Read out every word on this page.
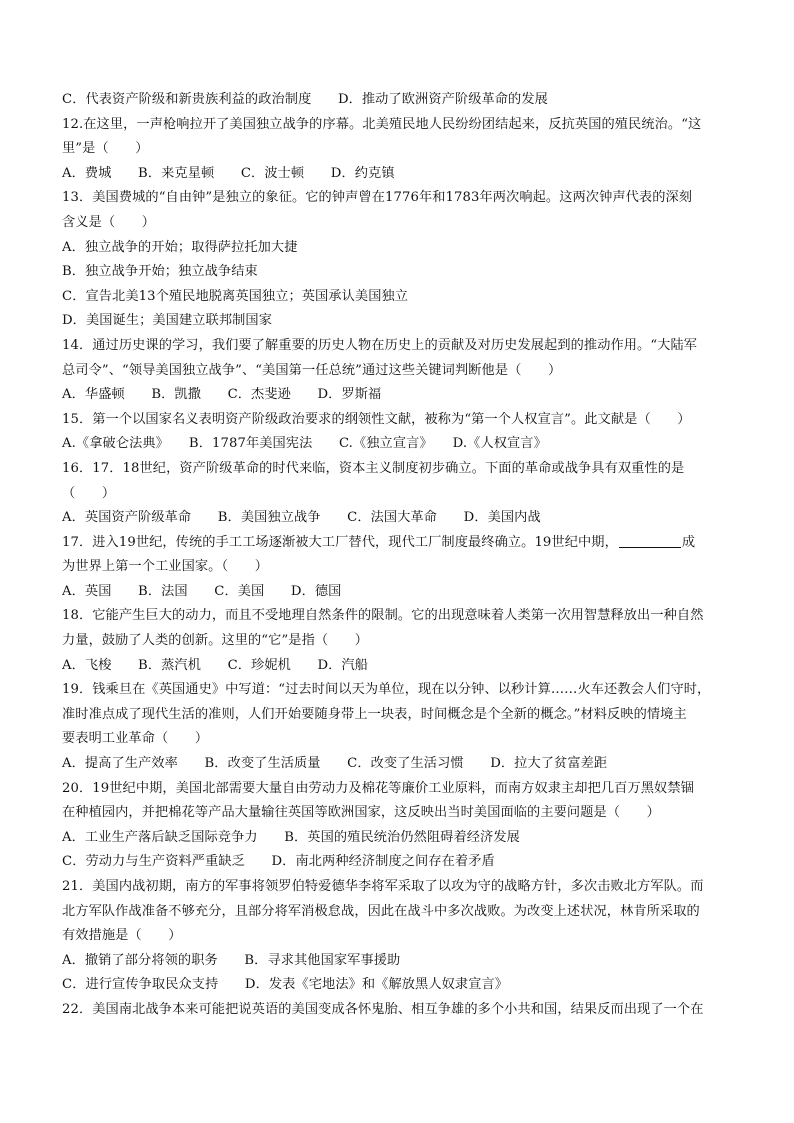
C．代表资产阶级和新贵族利益的政治制度　　D．推动了欧洲资产阶级革命的发展
12.在这里，一声枪响拉开了美国独立战争的序幕。北美殖民地人民纷纷团结起来，反抗英国的殖民统治。“这
里”是（　　）
A．费城　　B．来克星顿　　C．波士顿　　D．约克镇
13．美国费城的“自由钟”是独立的象征。它的钟声曾在1776年和1783年两次响起。这两次钟声代表的深刻
含义是（　　）
A．独立战争的开始；取得萨拉托加大捷
B．独立战争开始；独立战争结束
C．宣告北美13个殖民地脱离英国独立；英国承认美国独立
D．美国诞生；美国建立联邦制国家
14．通过历史课的学习，我们要了解重要的历史人物在历史上的贡献及对历史发展起到的推动作用。“大陆军
总司令”、“领导美国独立战争”、“美国第一任总统”通过这些关键词判断他是（　　）
A．华盛顿　　B．凯撒　　C．杰斐逊　　D．罗斯福
15．第一个以国家名义表明资产阶级政治要求的纲领性文献，被称为“第一个人权宣言”。此文献是（　　）
A.《拿破仑法典》　　B．1787年美国宪法　　C.《独立宣言》　　D.《人权宣言》
16．17．18世纪，资产阶级革命的时代来临，资本主义制度初步确立。下面的革命或战争具有双重性的是
（　　）
A．英国资产阶级革命　　B．美国独立战争　　C．法国大革命　　D．美国内战
17．进入19世纪，传统的手工工场逐渐被大工厂替代，现代工厂制度最终确立。19世纪中期，	成
为世界上第一个工业国家。（　　）
A．英国　　B．法国　　C．美国　　D．德国
18．它能产生巨大的动力，而且不受地理自然条件的限制。它的出现意味着人类第一次用智慧释放出一种自然
力量，鼓励了人类的创新。这里的“它”是指（　　）
A．飞梭　　B．蒸汽机　　C．珍妮机　　D．汽船
19．钱乘旦在《英国通史》中写道：“过去时间以天为单位，现在以分钟、以秒计算……火车还教会人们守时，
准时准点成了现代生活的准则，人们开始要随身带上一块表，时间概念是个全新的概念。”材料反映的情境主
要表明工业革命（　　）
A．提高了生产效率　　B．改变了生活质量　　C．改变了生活习惯　　D．拉大了贫富差距
20．19世纪中期，美国北部需要大量自由劳动力及棉花等廉价工业原料，而南方奴隶主却把几百万黑奴禁锢
在种植园内，并把棉花等产品大量输往英国等欧洲国家，这反映出当时美国面临的主要问题是（　　）
A．工业生产落后缺乏国际竞争力　　B．英国的殖民统治仍然阻碍着经济发展
C．劳动力与生产资料严重缺乏　　D．南北两种经济制度之间存在着矛盾
21．美国内战初期，南方的军事将领罗伯特爱德华李将军采取了以攻为守的战略方针，多次击败北方军队。而
北方军队作战准备不够充分，且部分将军消极怠战，因此在战斗中多次战败。为改变上述状况，林肯所采取的
有效措施是（　　）
A．撤销了部分将领的职务　　B．寻求其他国家军事援助
C．进行宣传争取民众支持　　D．发表《宅地法》和《解放黑人奴隶宣言》
22．美国南北战争本来可能把说英语的美国变成各怀鬼胎、相互争雄的多个小共和国，结果反而出现了一个在
